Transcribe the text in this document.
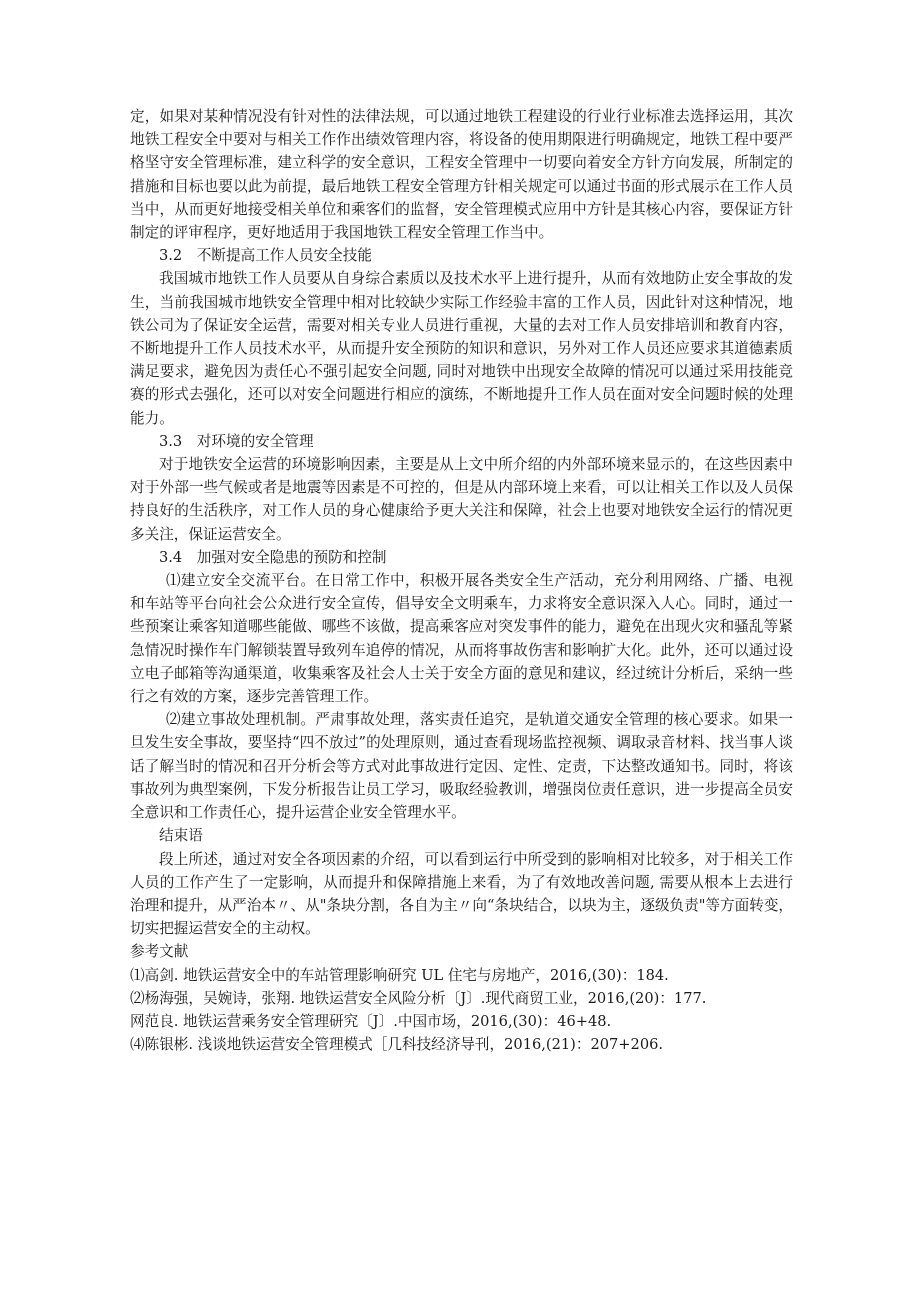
定，如果对某种情况没有针对性的法律法规，可以通过地铁工程建设的行业行业标准去选择运用，其次地铁工程安全中要对与相关工作作出绩效管理内容，将设备的使用期限进行明确规定，地铁工程中要严格坚守安全管理标准，建立科学的安全意识，工程安全管理中一切要向着安全方针方向发展，所制定的措施和目标也要以此为前提，最后地铁工程安全管理方针相关规定可以通过书面的形式展示在工作人员当中，从而更好地接受相关单位和乘客们的监督，安全管理模式应用中方针是其核心内容，要保证方针制定的评审程序，更好地适用于我国地铁工程安全管理工作当中。

3.2　不断提高工作人员安全技能

我国城市地铁工作人员要从自身综合素质以及技术水平上进行提升，从而有效地防止安全事故的发生，当前我国城市地铁安全管理中相对比较缺少实际工作经验丰富的工作人员，因此针对这种情况，地铁公司为了保证安全运营，需要对相关专业人员进行重视，大量的去对工作人员安排培训和教育内容，不断地提升工作人员技术水平，从而提升安全预防的知识和意识，另外对工作人员还应要求其道德素质满足要求，避免因为责任心不强引起安全问题, 同时对地铁中出现安全故障的情况可以通过采用技能竞赛的形式去强化，还可以对安全问题进行相应的演练，不断地提升工作人员在面对安全问题时候的处理能力。

3.3　对环境的安全管理

对于地铁安全运营的环境影响因素，主要是从上文中所介绍的内外部环境来显示的，在这些因素中对于外部一些气候或者是地震等因素是不可控的，但是从内部环境上来看，可以让相关工作以及人员保持良好的生活秩序，对工作人员的身心健康给予更大关注和保障，社会上也要对地铁安全运行的情况更多关注，保证运营安全。

3.4　加强对安全隐患的预防和控制

⑴建立安全交流平台。在日常工作中，积极开展各类安全生产活动，充分利用网络、广播、电视和车站等平台向社会公众进行安全宣传，倡导安全文明乘车，力求将安全意识深入人心。同时，通过一些预案让乘客知道哪些能做、哪些不该做，提高乘客应对突发事件的能力，避免在出现火灾和骚乱等紧急情况时操作车门解锁装置导致列车追停的情况，从而将事故伤害和影响扩大化。此外，还可以通过设立电子邮箱等沟通渠道，收集乘客及社会人士关于安全方面的意见和建议，经过统计分析后，采纳一些行之有效的方案，逐步完善管理工作。

⑵建立事故处理机制。严肃事故处理，落实责任追究，是轨道交通安全管理的核心要求。如果一旦发生安全事故，要坚持“四不放过”的处理原则，通过查看现场监控视频、调取录音材料、找当事人谈话了解当时的情况和召开分析会等方式对此事故进行定因、定性、定责，下达整改通知书。同时，将该事故列为典型案例，下发分析报告让员工学习，吸取经验教训，增强岗位责任意识，进一步提高全员安全意识和工作责任心，提升运营企业安全管理水平。

结束语

段上所述，通过对安全各项因素的介绍，可以看到运行中所受到的影响相对比较多，对于相关工作人员的工作产生了一定影响，从而提升和保障措施上来看，为了有效地改善问题, 需要从根本上去进行治理和提升，从严治本〃、从"条块分割，各自为主〃向“条块结合，以块为主，逐级负责"等方面转变，切实把握运营安全的主动权。

参考文献

⑴高剑. 地铁运营安全中的车站管理影响研究 UL 住宅与房地产，2016,(30)：184.

⑵杨海强，吴婉诗，张翔. 地铁运营安全风险分析〔J〕.现代商贸工业，2016,(20)：177.

网范良. 地铁运营乘务安全管理研究〔J〕.中国市场，2016,(30)：46+48.

⑷陈银彬. 浅谈地铁运营安全管理模式［几科技经济导刊，2016,(21)：207+206.
